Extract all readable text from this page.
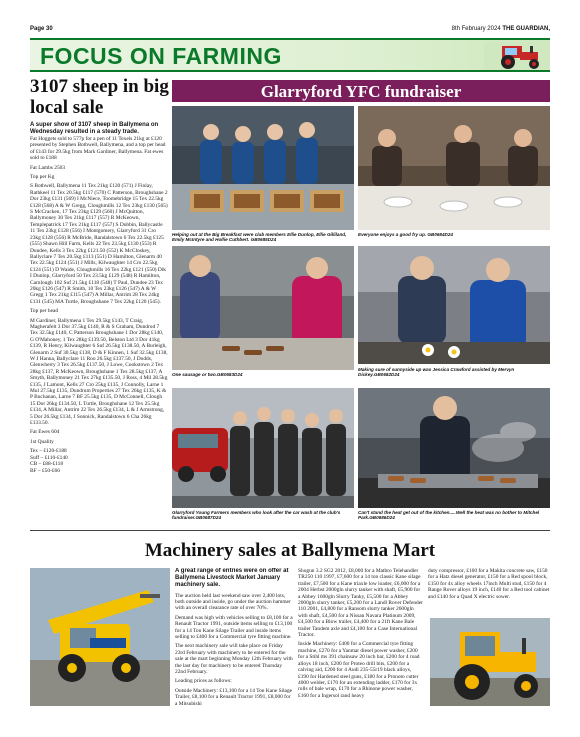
Page 30	8th February 2024 THE GUARDIAN,
FOCUS ON FARMING
3107 sheep in big local sale
A super show of 3107 sheep in Ballymena on Wednesday resulted in a steady trade.

Fat Hoggets sold to 577p for a pen of 11 Texels 21kg at £120 presented by Stephen Bothwell, Ballymena, and a top per head of £143 for 29.5kg from Mark Gardiner, Ballymena. Fat ewes sold to £188

Fat Lambs 2503

Top per Kg

S Bothwell, Ballymena 11 Tex 21kg £120 (571) J Finlay, Rathkeel 11 Tex 20.5kg £117 (570) C Patterson, Broughshane 2 Dor 23kg £131 (569) I McNiece, Toomebridge 15 Tex 22.5kg £128 (568) A & W Gregg, Cloughmills 12 Tex 23kg £130 (565) S McCracken, 17 Tex 23kg £129 (560) J McQuitton, Ballymoney 30 Tex 21kg £117 (557) R McKeown, Templepatrick 17 Tex 21kg £117 (557) S Dobbin, Ballycastle 11 Tex 23kg £128 (556) I Montgomery, Glarryford 31 Cro 23kg £128 (556) R McBride, Randalstown 6 Tex 22.5kg £125 (555) Shawn Hill Farm, Kells 22 Tex 23.5kg £130 (553) R Dundee, Kells 3 Tex 22kg £121.50 (552) K McCloskey, Ballyclare 7 Tex 20.5kg £113 (551) D Hamilton, Glenarm 40 Tex 22.5kg £124 (551) J Mills, Kilwaughter 14 Cro 22.5kg £124 (551) D Waide, Cloughmills 16 Tex 22kg £121 (550) Dik I Dunlop, Glarryford 50 Tex 23.5kg £129 (548) R Hamilton, Carnlough 102 Suf 21.5kg £118 (548) T Paul, Dundee 23 Tex 20kg £126 (547) R Smith, 10 Tex 23kg £126 (547) A & W Gregg 1 Tex 21kg £115 (547) A Millar, Antrim 28 Tex 24kg £131 (545) MA Turtle, Broughshane 7 Tex 22kg £120 (545).

Top per head

M Gardiner, Ballymena 1 Tex 29.5kg £143, T Craig, Magherafelt 3 Dor 37.5kg £140, R & S Graham, Dundrod 7 Tex 32.5kg £140, C Patterson Broughshane 1 Dor 28kg £140, G O'Mahoney, 1 Tex 28kg £139.50, Belston Ltd 3 Dor 41kg £139, R Henry, Kilwaughter 6 Suf 26.5kg £138.50, A Burleigh, Glenarm 2 Suf 30.5kg £138, D & F Kinnen, 1 Suf 32.5kg £138, W J Hanna, Ballyclare 11 Roo 26.5kg £137.50, J Dodds, Glenwherry 3 Tex 26.5kg £137.50, J Lowe, Cookstown 2 Tex 28kg £137, R McKeown, Broughshane 1 Tex 28.5kg £137, A Smyth, Ballymoney 21 Tex 27kg £135.50, J Ross, 4 Mil 28.5kg £135, J Lamont, Kells 27 Cro 25kg £135, J Connolly, Larne 1 Mul 27.5kg £135, Dundrum Properties 27 Tex 26kg £135, K & P Buchanan, Larne 7 BF 25.5kg £135, D McConnell, Clough 15 Dor 26kg £134.50, L Turtle, Broughshane 12 Tex 25.5kg £134, A Millar, Antrim 22 Tex 26.5kg £134, L & J Armstrong, 5 Dor 26.5kg £134, J Sonnick, Randalstown 6 Cha 26kg £133.50.

Fat Ewes 604

1st Quality

Tex – £120-£188
Suff – £110-£140
CB – £88-£118
BF – £50-£66

Glarryford YFC fundraiser
Helping out at the Big Breakfast were club members Ellie Dunlop, Ellie Gilliland, Emily McIntyre and Hollie Cuthbert. GB0685D24
Everyone enjoys a good fry up. GB0684D24
One sausage or two.GB0683D24
Making sure of sunnyside up was Jessica Crawford assisted by Mervyn Dickey.GB0682D24
Glarryford Young Farmers members who look after the car wash at the club's fundraiser.GB0687D24
Can't stand the heat get out of the kitchen.....Well the heat was no bother to Mitchel Park.GB0686D24
Machinery sales at Ballymena Mart

A great range of entries were on offer at Ballymena Livestock Market January machinery sale.

The auction held last weekend saw over 2,400 lots, both outside and inside, go under the auction hammer with an overall clearance rate of over 70%.

Demand was high with vehicles selling to £8,100 for a Renault Tractor 1991, outside items selling to £13,100 for a 14 Ton Kane Silage Trailer and inside items selling to £400 for a Commercial tyre fitting machine.

The next machinery sale will take place on Friday 23rd February with machinery to be entered for the sale at the mart beginning Monday 12th February with the last day for machinery to be entered Thursday 22nd February.

Leading prices as follows:

Outside Machinery: £13,100 for a 14 Ton Kane Silage Trailer, £8,100 for a Renault Tractor 1991, £8,000 for a Mitsubishi

Shogun 3.2 SG2 2012, £8,000 for a Matbro Telehandler TR250 110 1997, £7,600 for a 14 ton classic Kane silage trailer, £7,500 for a Kane triaxle low loader, £6,000 for a 2004 Herbst 2000gln slurry tanker with shaft, £5,900 for a Abbey 1600gln Slurry Tanky, £5,500 for a Abbey 2000gln slurry tanker, £5,200 for a Landl Rover Defender 110 2001, £4,800 for a Ransom slurry tanker 2600gln with shaft, £4,500 for a Nissan Navara Platinum 2009, £4,500 for a Blow trailer, £4,400 for a 21ft Kane Bale trailer Tandem axle and £4,100 for a Case International Tractor.

Inside Machinery: £400 for a Commercial tyre fitting machine, £270 for a Yanmar diesel power washer, £200 for a Stihl ms 391 chainsaw 20 inch bar, £200 for 4 road alloys 18 inch, £200 for Proteo drill bits, £200 for a calving aid, £200 for 4 Audi 235-55r19 black alloys, £190 for Hardened steel guns, £180 for a Pronoto cutter 4000 welder, £170 for an extending ladder, £170 for 3x rolls of bale wrap, £170 for a Rhinone power washer, £160 for a Ingersol rand heavy

duty compressor, £160 for a Makita concrete saw, £150 for a Hatz diesel generator, £150 for a Red spool block, £150 for 4x alloy wheels 17inch Multi stud, £150 for 4 Range Rover alloys 19 inch, £140 for a Red tool cabinet and £140 for a Quad X electric sower.
